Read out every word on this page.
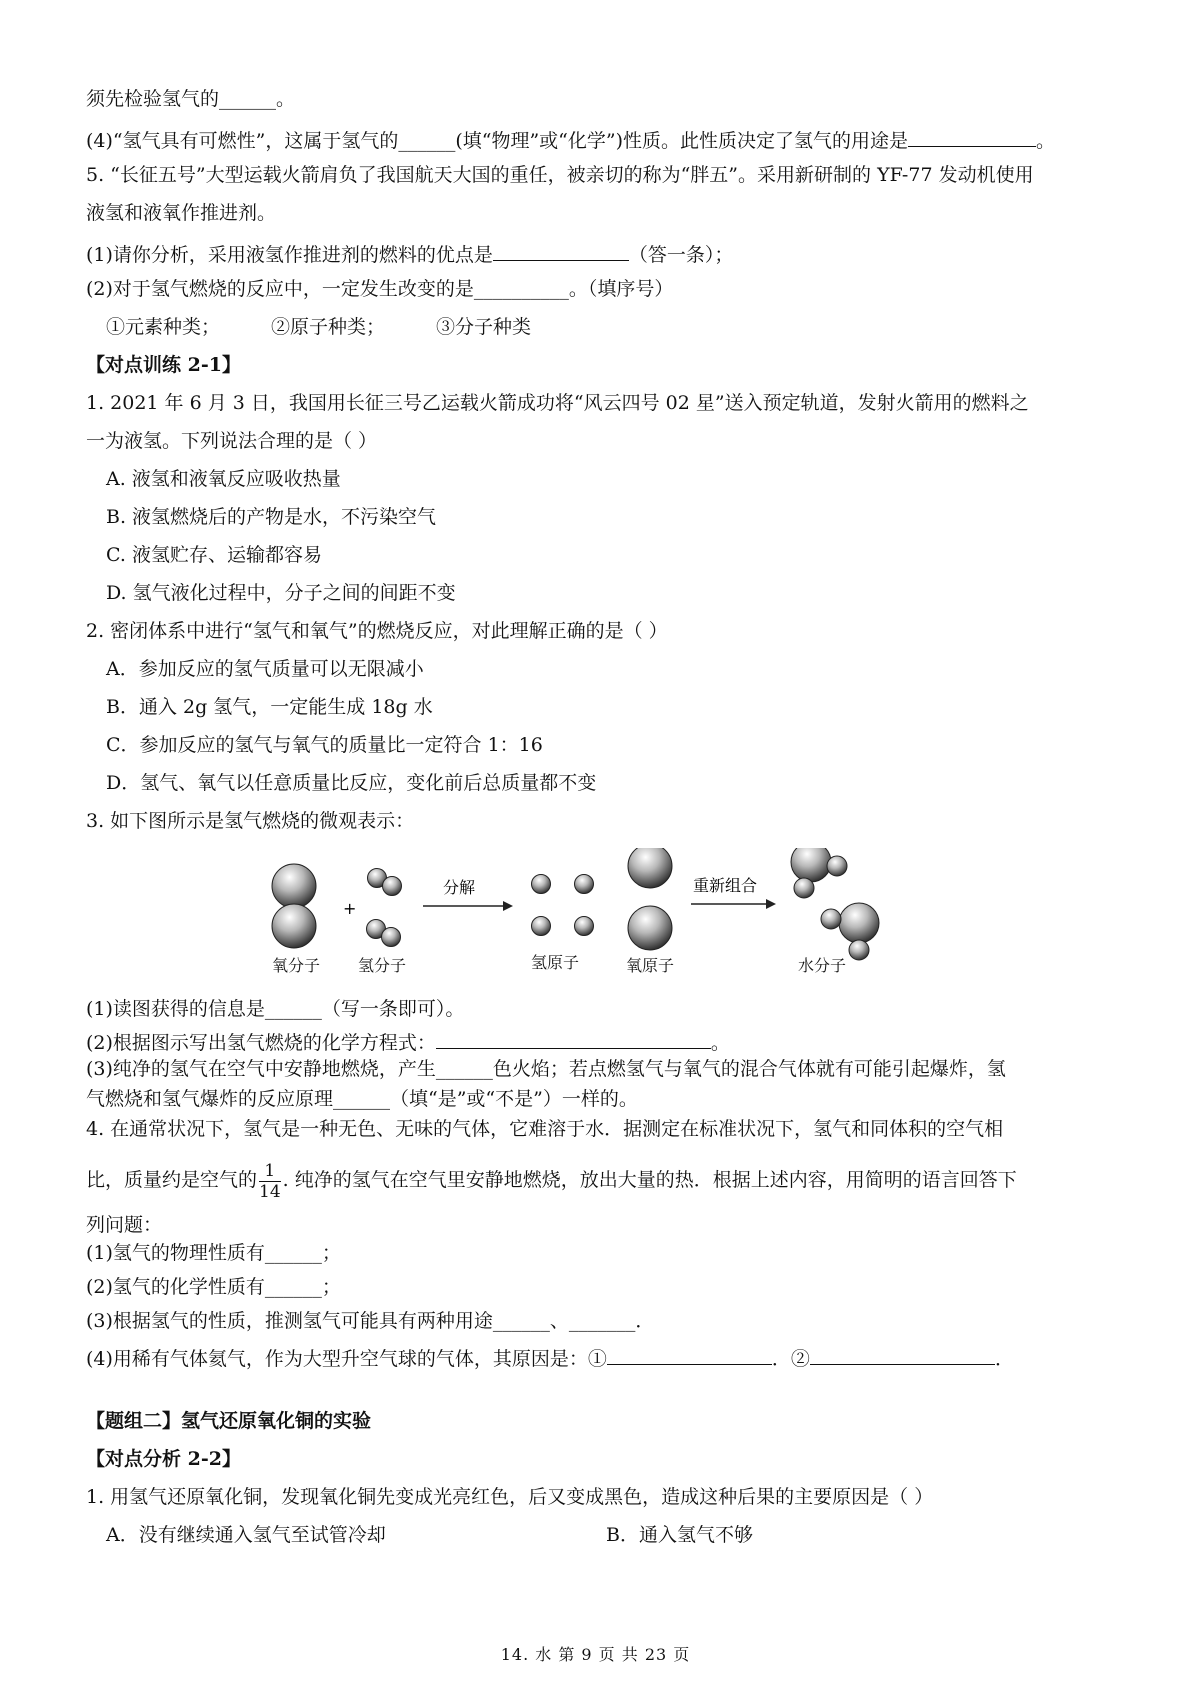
须先检验氢气的______。
(4)“氢气具有可燃性”，这属于氢气的______(填“物理”或“化学”)性质。此性质决定了氢气的用途是	。
5. “长征五号”大型运载火箭肩负了我国航天大国的重任，被亲切的称为“胖五”。采用新研制的 YF-77 发动机使用
液氢和液氧作推进剂。
(1)请你分析，采用液氢作推进剂的燃料的优点是	（答一条）；
(2)对于氢气燃烧的反应中，一定发生改变的是__________。（填序号）
①元素种类；	②原子种类；	③分子种类
【对点训练 2-1】
1. 2021 年 6 月 3 日，我国用长征三号乙运载火箭成功将“风云四号 02 星”送入预定轨道，发射火箭用的燃料之
一为液氢。下列说法合理的是（ ）
A. 液氢和液氧反应吸收热量
B. 液氢燃烧后的产物是水，不污染空气
C. 液氢贮存、运输都容易
D. 氢气液化过程中，分子之间的间距不变
2. 密闭体系中进行“氢气和氧气”的燃烧反应，对此理解正确的是（ ）
A．参加反应的氢气质量可以无限减小
B．通入 2g 氢气，一定能生成 18g 水
C．参加反应的氢气与氧气的质量比一定符合 1：16
D．氢气、氧气以任意质量比反应，变化前后总质量都不变
3. 如下图所示是氢气燃烧的微观表示：
+
分解	重新组合
氧分子 氢分子	氢原子	氧原子	水分子
(1)读图获得的信息是______（写一条即可）。
(2)根据图示写出氢气燃烧的化学方程式：	。
(3)纯净的氢气在空气中安静地燃烧，产生______色火焰；若点燃氢气与氧气的混合气体就有可能引起爆炸，氢
气燃烧和氢气爆炸的反应原理______（填“是”或“不是”）一样的。
4. 在通常状况下，氢气是一种无色、无味的气体，它难溶于水．据测定在标准状况下，氢气和同体积的空气相
比，质量约是空气的 $\frac{1}{14}$ . 纯净的氢气在空气里安静地燃烧，放出大量的热．根据上述内容，用简明的语言回答下
列问题：
(1)氢气的物理性质有______；
(2)氢气的化学性质有______；
(3)根据氢气的性质，推测氢气可能具有两种用途______、_______．
(4)用稀有气体氦气，作为大型升空气球的气体，其原因是：①	．②	．
【题组二】氢气还原氧化铜的实验
【对点分析 2-2】
1. 用氢气还原氧化铜，发现氧化铜先变成光亮红色，后又变成黑色，造成这种后果的主要原因是（ ）
A．没有继续通入氢气至试管冷却	B．通入氢气不够
14. 水 第 9 页 共 23 页
